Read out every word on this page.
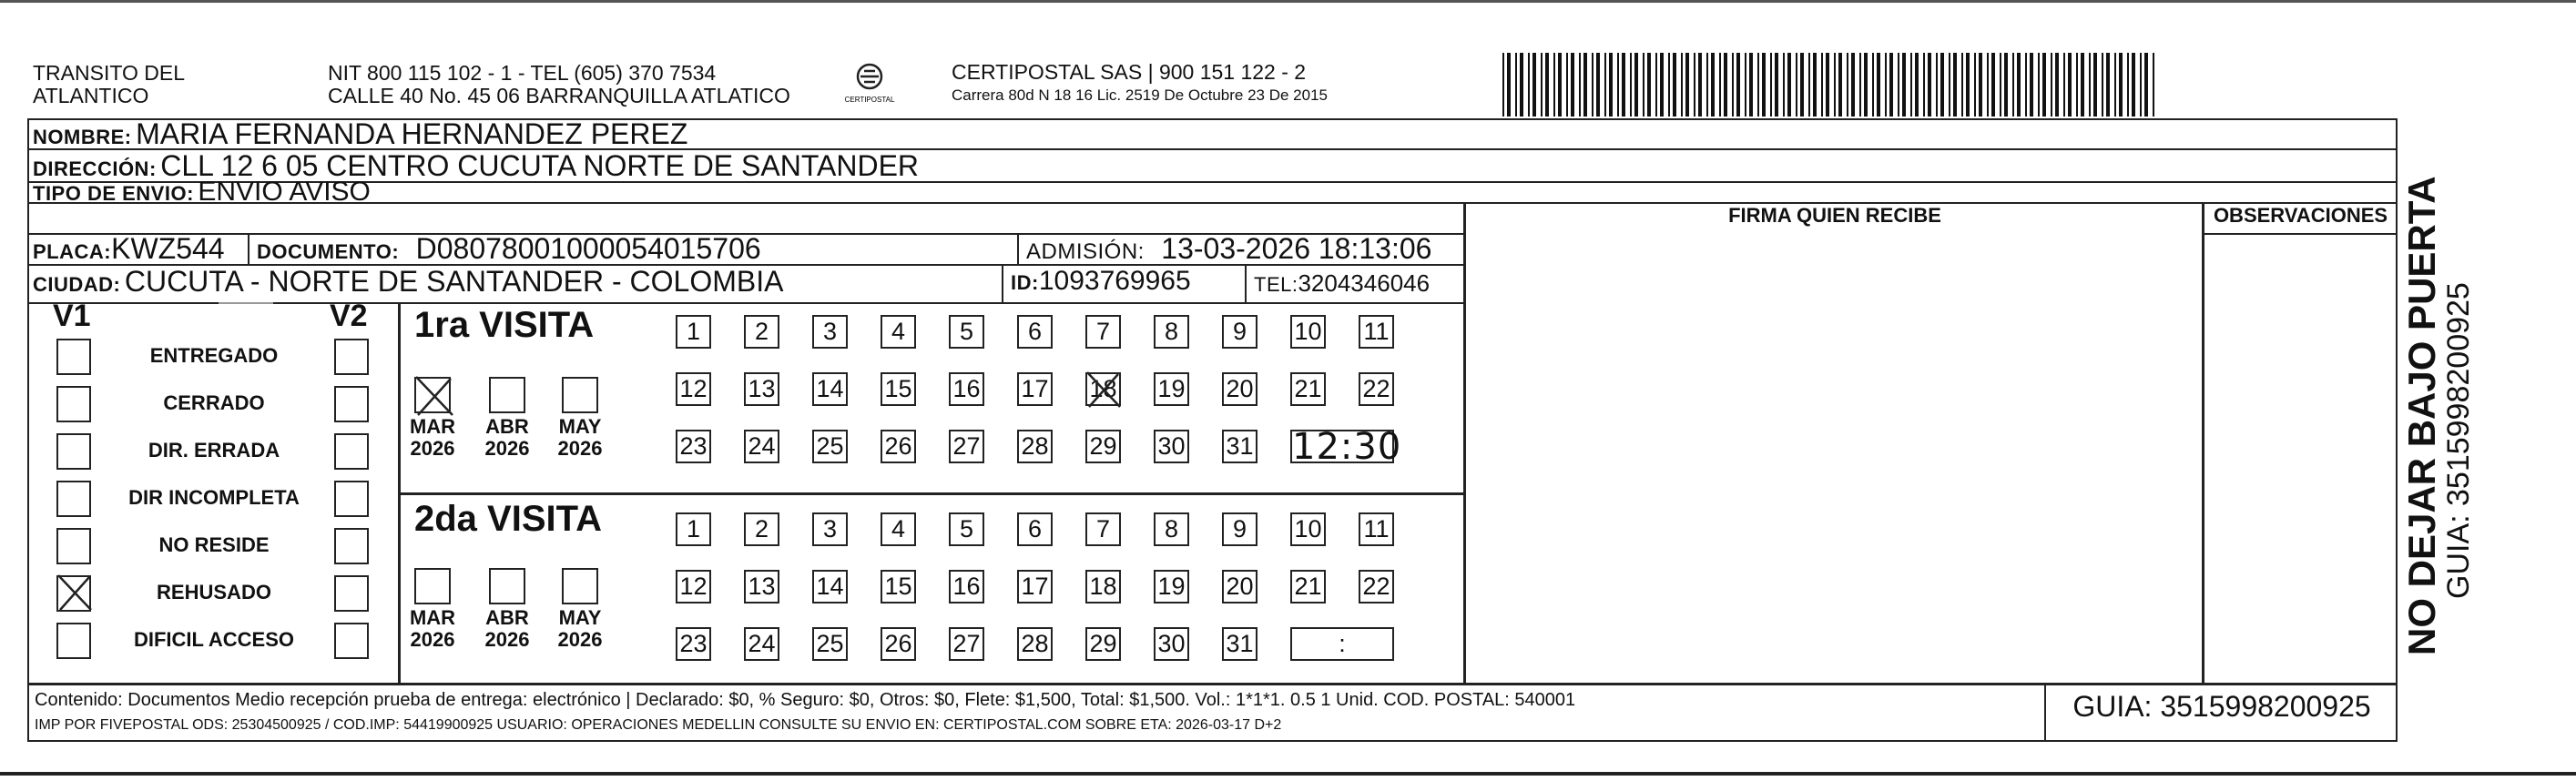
TRANSITO DEL
ATLANTICO
NIT 800 115 102 - 1 - TEL (605) 370 7534
CALLE 40 No. 45 06 BARRANQUILLA ATLATICO	CERTIPOSTAL
CERTIPOSTAL SAS | 900 151 122 - 2
Carrera 80d N 18 16 Lic. 2519 De Octubre 23 De 2015
NOMBRE: MARIA FERNANDA HERNANDEZ PEREZ
DIRECCIÓN: CLL 12 6 05 CENTRO CUCUTA NORTE DE SANTANDER
TIPO DE ENVIO: ENVIO AVISO
FIRMA QUIEN RECIBE	OBSERVACIONES
PLACA:KWZ544 DOCUMENTO: D08078001000054015706	ADMISIÓN: 13-03-2026 18:13:06
CIUDAD: CUCUTA - NORTE DE SANTANDER - COLOMBIA	ID:1093769965	TEL:3204346046
V1	V2
ENTREGADO
CERRADO
DIR. ERRADA
DIR INCOMPLETA
NO RESIDE
REHUSADO
DIFICIL ACCESO
1ra VISITA
MAR
2026
ABR
2026
MAY
2026
1	2	3	4	5	6	7	8	9	10 11
12 13 14 15 16 17 18 19 20 21 22
23 24 25 26 27 28 29 30 31 12:30
2da VISITA
MAR
2026
ABR
2026
MAY
2026
1	2	3	4	5	6	7	8	9	10 11
12 13 14 15 16 17 18 19 20 21 22
23 24 25 26 27 28 29 30 31	:	NO DEJAR BAJO PUERTA
GUIA: 3515998200925
Contenido: Documentos Medio recepción prueba de entrega: electrónico | Declarado: $0, % Seguro: $0, Otros: $0, Flete: $1,500, Total: $1,500. Vol.: 1*1*1. 0.5 1 Unid. COD. POSTAL: 540001
IMP POR FIVEPOSTAL ODS: 25304500925 / COD.IMP: 54419900925 USUARIO: OPERACIONES MEDELLIN CONSULTE SU ENVIO EN: CERTIPOSTAL.COM SOBRE ETA: 2026-03-17 D+2
GUIA: 3515998200925
